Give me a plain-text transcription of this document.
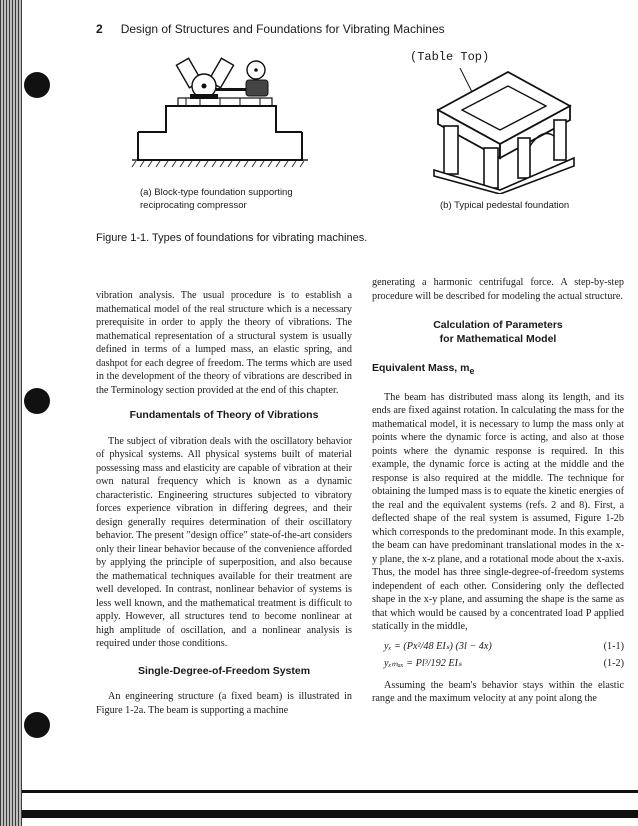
2 Design of Structures and Foundations for Vibrating Machines
(Table Top)
(a) Block-type foundation supporting
reciprocating compressor	(b) Typical pedestal foundation
Figure 1-1. Types of foundations for vibrating machines.

vibration analysis. The usual procedure is to establish a mathematical model of the real structure which is a necessary prerequisite in order to apply the theory of vibrations. The mathematical representation of a structural system is usually defined in terms of a lumped mass, an elastic spring, and dashpot for each degree of freedom. The terms which are used in the development of the theory of vibrations are described in the Terminology section provided at the end of this chapter.

Fundamentals of Theory of Vibrations

The subject of vibration deals with the oscillatory behavior of physical systems. All physical systems built of material possessing mass and elasticity are capable of vibration at their own natural frequency which is known as a dynamic characteristic. Engineering structures subjected to vibratory forces experience vibration in differing degrees, and their design generally requires determination of their oscillatory behavior. The present "design office" state-of-the-art considers only their linear behavior because of the convenience afforded by applying the principle of superposition, and also because the mathematical techniques available for their treatment are well developed. In contrast, nonlinear behavior of systems is less well known, and the mathematical treatment is difficult to apply. However, all structures tend to become nonlinear at high amplitude of oscillation, and a nonlinear analysis is required under those conditions.

Single-Degree-of-Freedom System

An engineering structure (a fixed beam) is illustrated in Figure 1-2a. The beam is supporting a machine

generating a harmonic centrifugal force. A step-by-step procedure will be described for modeling the actual structure.

Calculation of Parameters

for Mathematical Model

Equivalent Mass, $m_e$

The beam has distributed mass along its length, and its ends are fixed against rotation. In calculating the mass for the mathematical model, it is necessary to lump the mass only at points where the dynamic force is acting, and also at those points where the dynamic response is required. In this example, the dynamic force is acting at the middle and the response is also required at the middle. The technique for obtaining the lumped mass is to equate the kinetic energies of the real and the equivalent systems (refs. 2 and 8). First, a deflected shape of the real system is assumed, Figure 1-2b which corresponds to the predominant mode. In this example, the beam can have predominant translational modes in the x-y plane, the x-z plane, and a rotational mode about the x-axis. Thus, the model has three single-degree-of-freedom systems independent of each other. Considering only the deflected shape in the x-y plane, and assuming the shape is the same as that which would be caused by a concentrated load P applied statically in the middle,

yₓ = (Px²/48 EIₛ) (3l − 4x)	(1-1)

yₓₘₐₓ = Pl³/192 EIₛ	(1-2)

Assuming the beam's behavior stays within the elastic range and the maximum velocity at any point along the
